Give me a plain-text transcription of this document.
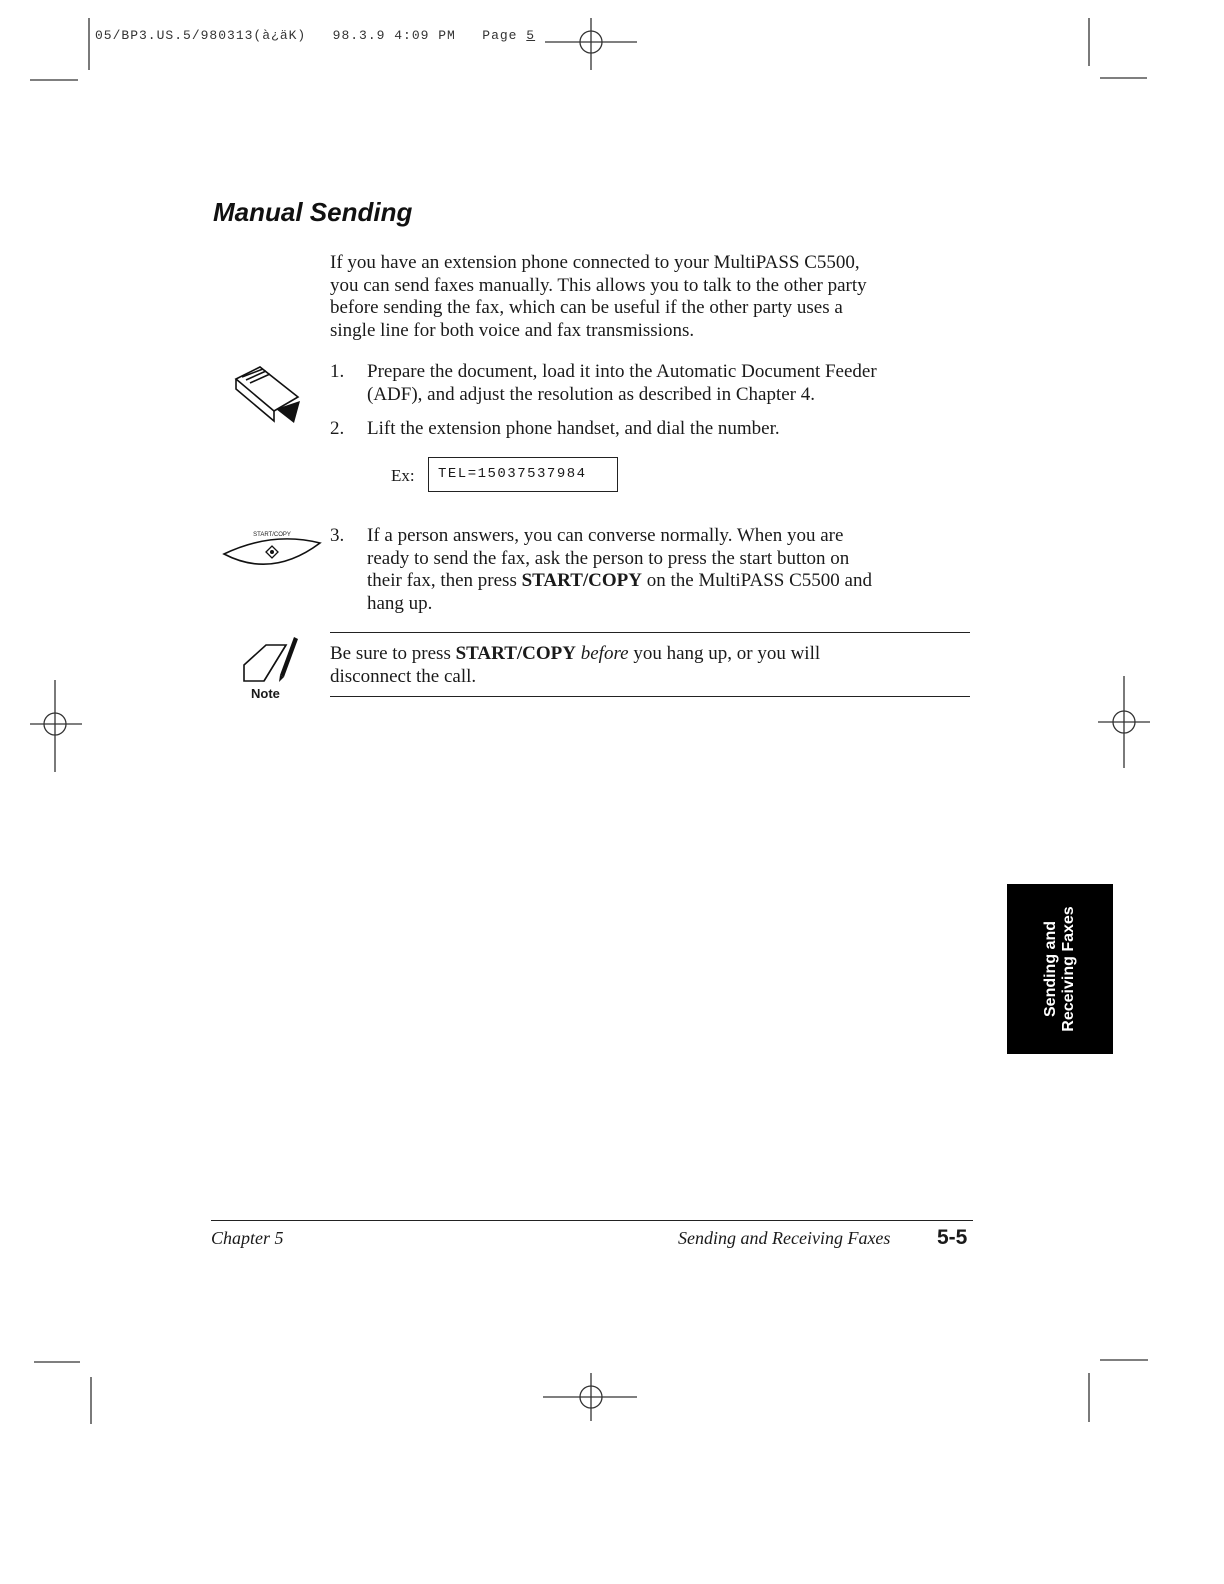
05/BP3.US.5/980313(à¿äK) 98.3.9 4:09 PM Page 5
Manual Sending
If you have an extension phone connected to your MultiPASS C5500,
you can send faxes manually. This allows you to talk to the other party
before sending the fax, which can be useful if the other party uses a
single line for both voice and fax transmissions.
1. Prepare the document, load it into the Automatic Document Feeder
(ADF), and adjust the resolution as described in Chapter 4.
2. Lift the extension phone handset, and dial the number.
Ex:	TEL=15037537984
START/COPY 3. If a person answers, you can converse normally. When you are
ready to send the fax, ask the person to press the start button on
their fax, then press START/COPY on the MultiPASS C5500 and
hang up.
Note
Be sure to press START/COPY before you hang up, or you will
disconnect the call.
Sending and Receiving Faxes
Chapter 5	Sending and Receiving Faxes 5-5
